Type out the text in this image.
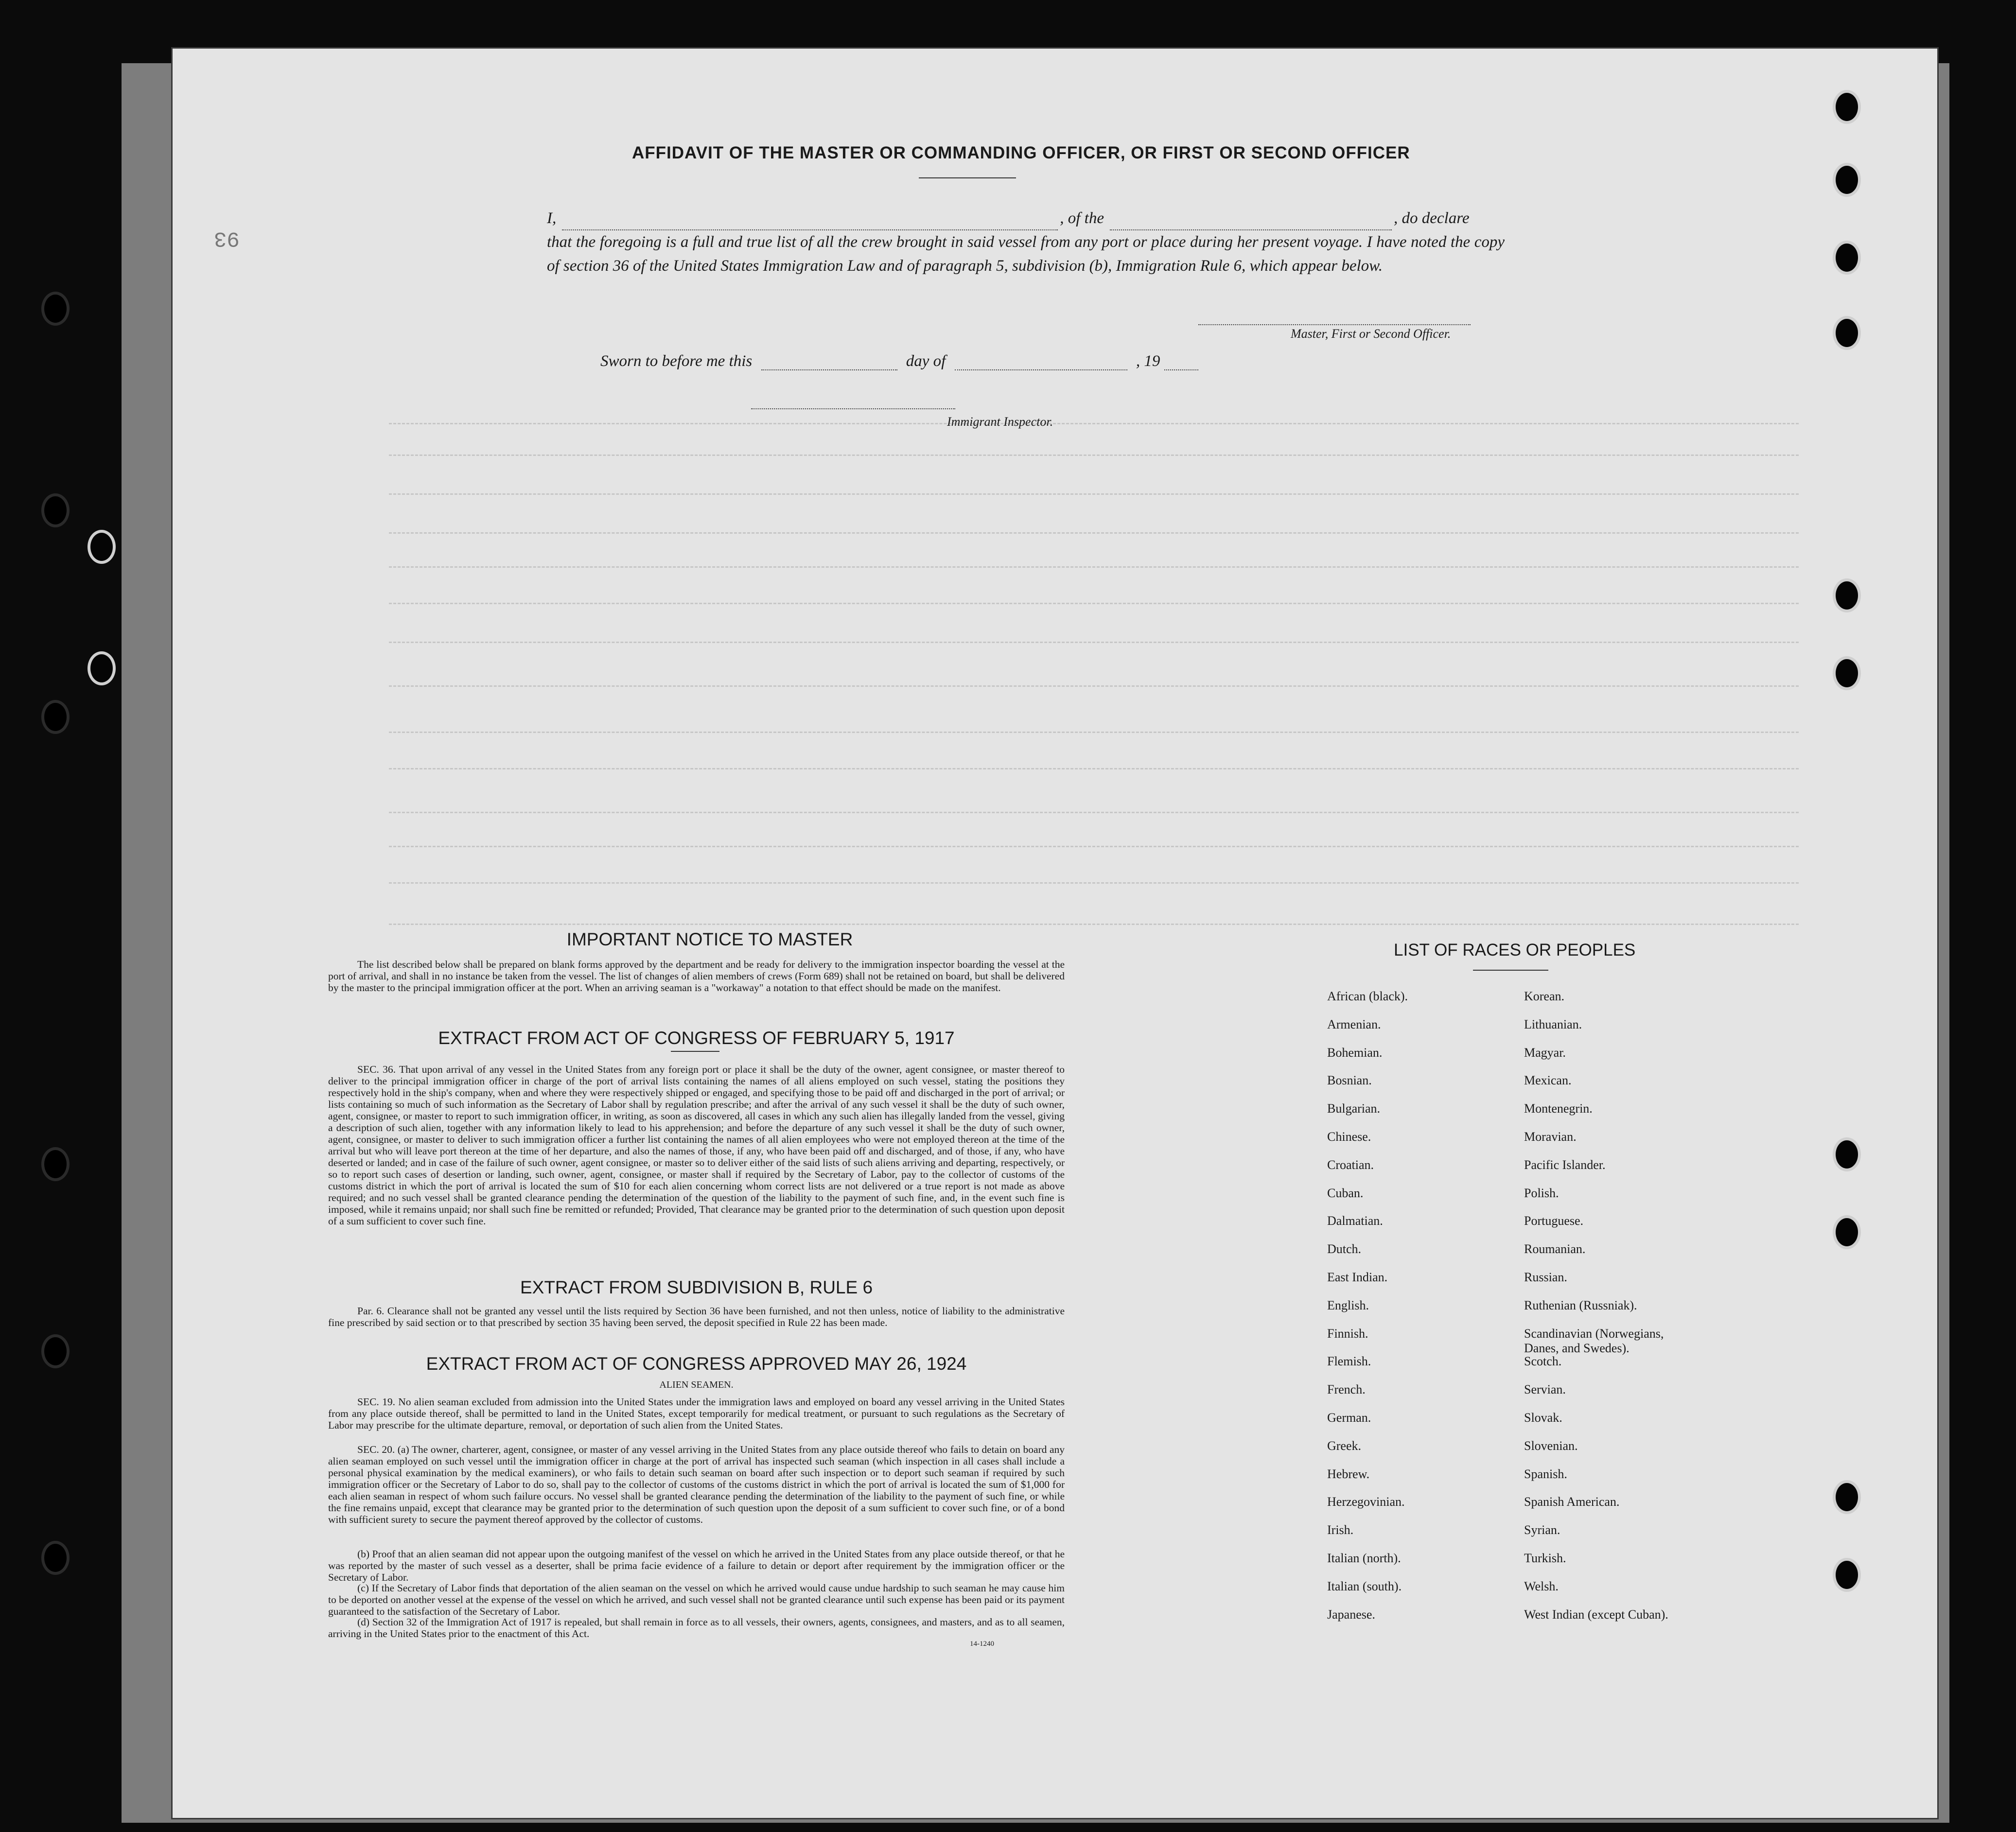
93
AFFIDAVIT OF THE MASTER OR COMMANDING OFFICER, OR FIRST OR SECOND OFFICER
I,	, of the	, do declare
that the foregoing is a full and true list of all the crew brought in said vessel from any port or place during her present voyage. I have noted the copy of section 36 of the United States Immigration Law and of paragraph 5, subdivision (b), Immigration Rule 6, which appear below.
Master, First or Second Officer.
Sworn to before me this	day of	, 19
Immigrant Inspector.
IMPORTANT NOTICE TO MASTER
The list described below shall be prepared on blank forms approved by the department and be ready for delivery to the immigration inspector boarding the vessel at the port of arrival, and shall in no instance be taken from the vessel. The list of changes of alien members of crews (Form 689) shall not be retained on board, but shall be delivered by the master to the principal immigration officer at the port. When an arriving seaman is a "workaway" a notation to that effect should be made on the manifest.
EXTRACT FROM ACT OF CONGRESS OF FEBRUARY 5, 1917
SEC. 36. That upon arrival of any vessel in the United States from any foreign port or place it shall be the duty of the owner, agent consignee, or master thereof to deliver to the principal immigration officer in charge of the port of arrival lists containing the names of all aliens employed on such vessel, stating the positions they respectively hold in the ship's company, when and where they were respectively shipped or engaged, and specifying those to be paid off and discharged in the port of arrival; or lists containing so much of such information as the Secretary of Labor shall by regulation prescribe; and after the arrival of any such vessel it shall be the duty of such owner, agent, consignee, or master to report to such immigration officer, in writing, as soon as discovered, all cases in which any such alien has illegally landed from the vessel, giving a description of such alien, together with any information likely to lead to his apprehension; and before the departure of any such vessel it shall be the duty of such owner, agent, consignee, or master to deliver to such immigration officer a further list containing the names of all alien employees who were not employed thereon at the time of the arrival but who will leave port thereon at the time of her departure, and also the names of those, if any, who have been paid off and discharged, and of those, if any, who have deserted or landed; and in case of the failure of such owner, agent consignee, or master so to deliver either of the said lists of such aliens arriving and departing, respectively, or so to report such cases of desertion or landing, such owner, agent, consignee, or master shall if required by the Secretary of Labor, pay to the collector of customs of the customs district in which the port of arrival is located the sum of $10 for each alien concerning whom correct lists are not delivered or a true report is not made as above required; and no such vessel shall be granted clearance pending the determination of the question of the liability to the payment of such fine, and, in the event such fine is imposed, while it remains unpaid; nor shall such fine be remitted or refunded; Provided, That clearance may be granted prior to the determination of such question upon deposit of a sum sufficient to cover such fine.
EXTRACT FROM SUBDIVISION B, RULE 6
Par. 6. Clearance shall not be granted any vessel until the lists required by Section 36 have been furnished, and not then unless, notice of liability to the administrative fine prescribed by said section or to that prescribed by section 35 having been served, the deposit specified in Rule 22 has been made.
EXTRACT FROM ACT OF CONGRESS APPROVED MAY 26, 1924
ALIEN SEAMEN.
SEC. 19. No alien seaman excluded from admission into the United States under the immigration laws and employed on board any vessel arriving in the United States from any place outside thereof, shall be permitted to land in the United States, except temporarily for medical treatment, or pursuant to such regulations as the Secretary of Labor may prescribe for the ultimate departure, removal, or deportation of such alien from the United States.
SEC. 20. (a) The owner, charterer, agent, consignee, or master of any vessel arriving in the United States from any place outside thereof who fails to detain on board any alien seaman employed on such vessel until the immigration officer in charge at the port of arrival has inspected such seaman (which inspection in all cases shall include a personal physical examination by the medical examiners), or who fails to detain such seaman on board after such inspection or to deport such seaman if required by such immigration officer or the Secretary of Labor to do so, shall pay to the collector of customs of the customs district in which the port of arrival is located the sum of $1,000 for each alien seaman in respect of whom such failure occurs. No vessel shall be granted clearance pending the determination of the liability to the payment of such fine, or while the fine remains unpaid, except that clearance may be granted prior to the determination of such question upon the deposit of a sum sufficient to cover such fine, or of a bond with sufficient surety to secure the payment thereof approved by the collector of customs.
(b) Proof that an alien seaman did not appear upon the outgoing manifest of the vessel on which he arrived in the United States from any place outside thereof, or that he was reported by the master of such vessel as a deserter, shall be prima facie evidence of a failure to detain or deport after requirement by the immigration officer or the Secretary of Labor.
(c) If the Secretary of Labor finds that deportation of the alien seaman on the vessel on which he arrived would cause undue hardship to such seaman he may cause him to be deported on another vessel at the expense of the vessel on which he arrived, and such vessel shall not be granted clearance until such expense has been paid or its payment guaranteed to the satisfaction of the Secretary of Labor.
(d) Section 32 of the Immigration Act of 1917 is repealed, but shall remain in force as to all vessels, their owners, agents, consignees, and masters, and as to all seamen, arriving in the United States prior to the enactment of this Act.
14-1240
LIST OF RACES OR PEOPLES
African (black).
Armenian.
Bohemian.
Bosnian.
Bulgarian.
Chinese.
Croatian.
Cuban.
Dalmatian.
Dutch.
East Indian.
English.
Finnish.
Flemish.
French.
German.
Greek.
Hebrew.
Herzegovinian.
Irish.
Italian (north).
Italian (south).
Japanese.
Korean.
Lithuanian.
Magyar.
Mexican.
Montenegrin.
Moravian.
Pacific Islander.
Polish.
Portuguese.
Roumanian.
Russian.
Ruthenian (Russniak).
Scandinavian (Norwegians, Danes, and Swedes).
Scotch.
Servian.
Slovak.
Slovenian.
Spanish.
Spanish American.
Syrian.
Turkish.
Welsh.
West Indian (except Cuban).
